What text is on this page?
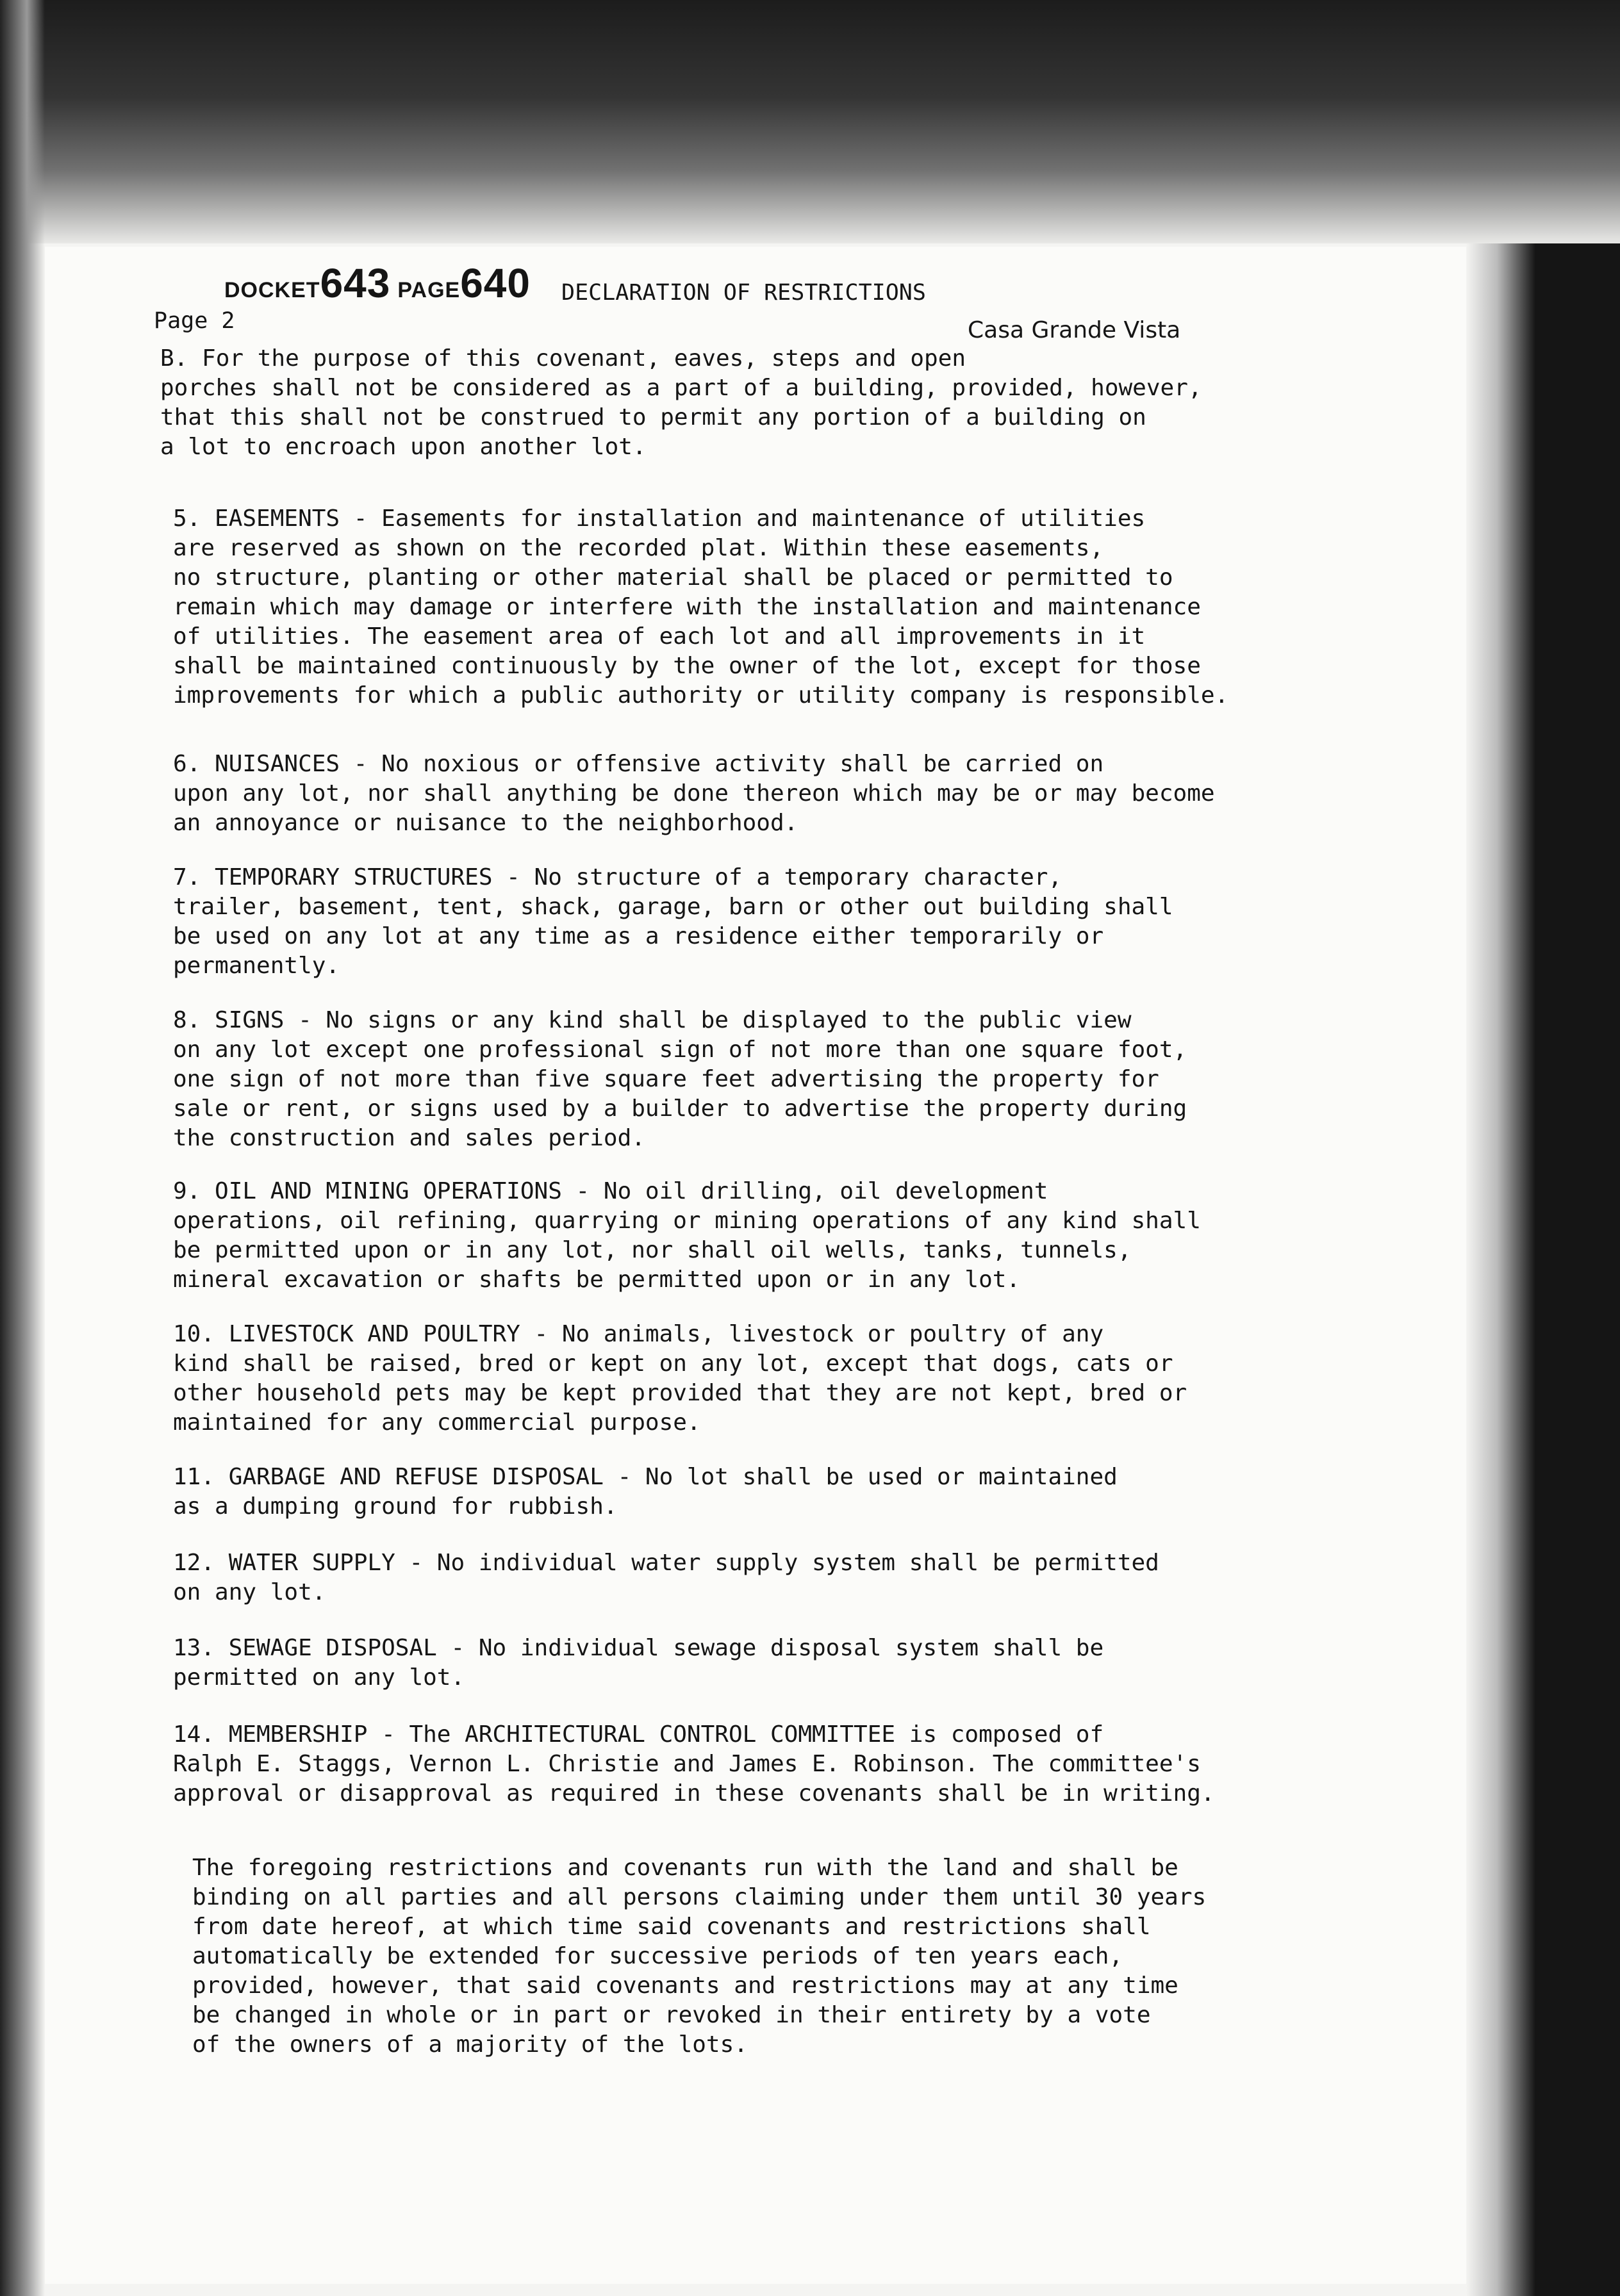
DOCKET643 PAGE640 DECLARATION OF RESTRICTIONS
Page 2	Casa Grande Vista

B. For the purpose of this covenant, eaves, steps and open
porches shall not be considered as a part of a building, provided, however,
that this shall not be construed to permit any portion of a building on
a lot to encroach upon another lot.

5. EASEMENTS - Easements for installation and maintenance of utilities
are reserved as shown on the recorded plat. Within these easements,
no structure, planting or other material shall be placed or permitted to
remain which may damage or interfere with the installation and maintenance
of utilities. The easement area of each lot and all improvements in it
shall be maintained continuously by the owner of the lot, except for those
improvements for which a public authority or utility company is responsible.

6. NUISANCES - No noxious or offensive activity shall be carried on
upon any lot, nor shall anything be done thereon which may be or may become
an annoyance or nuisance to the neighborhood.

7. TEMPORARY STRUCTURES - No structure of a temporary character,
trailer, basement, tent, shack, garage, barn or other out building shall
be used on any lot at any time as a residence either temporarily or
permanently.

8. SIGNS - No signs or any kind shall be displayed to the public view
on any lot except one professional sign of not more than one square foot,
one sign of not more than five square feet advertising the property for
sale or rent, or signs used by a builder to advertise the property during
the construction and sales period.

9. OIL AND MINING OPERATIONS - No oil drilling, oil development
operations, oil refining, quarrying or mining operations of any kind shall
be permitted upon or in any lot, nor shall oil wells, tanks, tunnels,
mineral excavation or shafts be permitted upon or in any lot.

10. LIVESTOCK AND POULTRY - No animals, livestock or poultry of any
kind shall be raised, bred or kept on any lot, except that dogs, cats or
other household pets may be kept provided that they are not kept, bred or
maintained for any commercial purpose.

11. GARBAGE AND REFUSE DISPOSAL - No lot shall be used or maintained
as a dumping ground for rubbish.

12. WATER SUPPLY - No individual water supply system shall be permitted
on any lot.

13. SEWAGE DISPOSAL - No individual sewage disposal system shall be
permitted on any lot.

14. MEMBERSHIP - The ARCHITECTURAL CONTROL COMMITTEE is composed of
Ralph E. Staggs, Vernon L. Christie and James E. Robinson. The committee's
approval or disapproval as required in these covenants shall be in writing.

The foregoing restrictions and covenants run with the land and shall be
binding on all parties and all persons claiming under them until 30 years
from date hereof, at which time said covenants and restrictions shall
automatically be extended for successive periods of ten years each,
provided, however, that said covenants and restrictions may at any time
be changed in whole or in part or revoked in their entirety by a vote
of the owners of a majority of the lots.
